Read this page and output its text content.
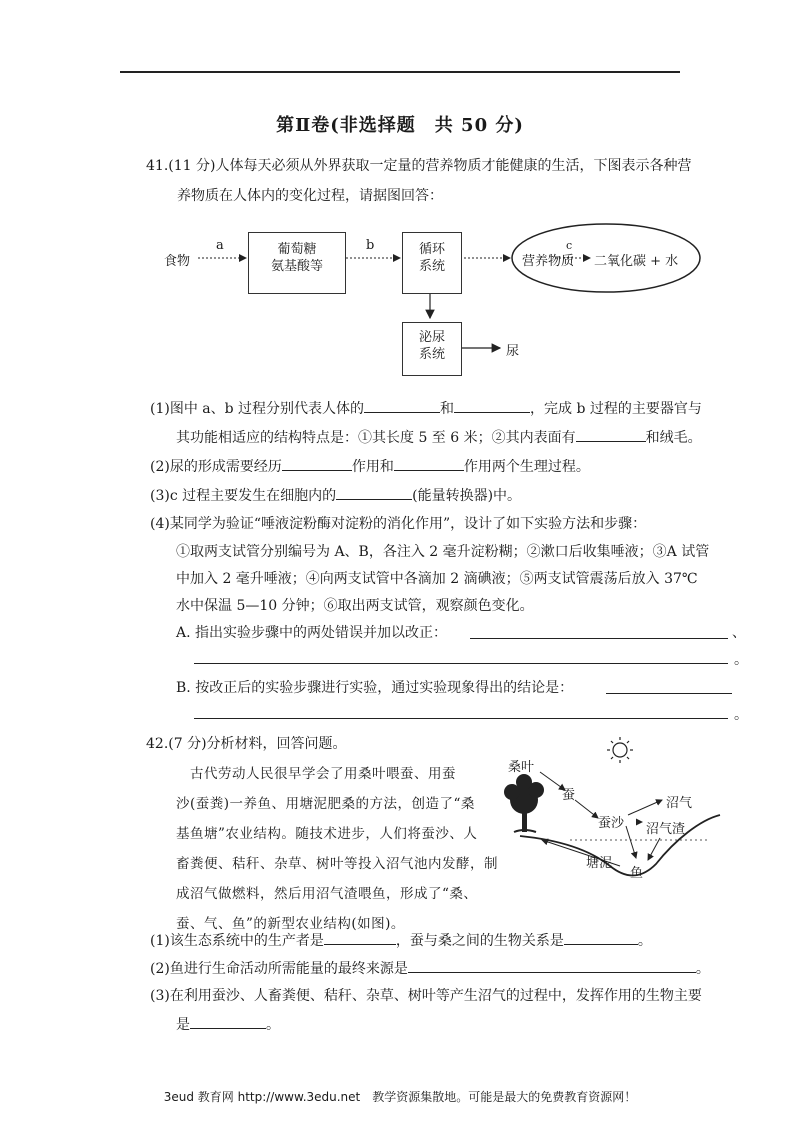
第Ⅱ卷(非选择题　共 50 分)
41.(11 分)人体每天必须从外界获取一定量的营养物质才能健康的生活，下图表示各种营
养物质在人体内的变化过程，请据图回答：
食物
a	葡萄糖
氨基酸等
b	循环
系统	营养物质
c
二氧化碳 + 水
泌尿
系统	尿
(1)图中 a、b 过程分别代表人体的	和	，完成 b 过程的主要器官与
其功能相适应的结构特点是：①其长度 5 至 6 米；②其内表面有	和绒毛。
(2)尿的形成需要经历	作用和	作用两个生理过程。
(3)c 过程主要发生在细胞内的	(能量转换器)中。
(4)某同学为验证“唾液淀粉酶对淀粉的消化作用”，设计了如下实验方法和步骤：
①取两支试管分别编号为 A、B，各注入 2 毫升淀粉糊；②漱口后收集唾液；③A 试管
中加入 2 毫升唾液；④向两支试管中各滴加 2 滴碘液；⑤两支试管震荡后放入 37℃
水中保温 5—10 分钟；⑥取出两支试管，观察颜色变化。
A. 指出实验步骤中的两处错误并加以改正：	、
。
B. 按改正后的实验步骤进行实验，通过实验现象得出的结论是：
。
42.(7 分)分析材料，回答问题。
古代劳动人民很早学会了用桑叶喂蚕、用蚕
沙(蚕粪)一养鱼、用塘泥肥桑的方法，创造了“桑
基鱼塘”农业结构。随技术进步，人们将蚕沙、人
畜粪便、秸秆、杂草、树叶等投入沼气池内发酵，制
成沼气做燃料，然后用沼气渣喂鱼，形成了“桑、
蚕、气、鱼”的新型农业结构(如图)。
桑叶
蚕
蚕沙
沼气
沼气渣
塘泥
鱼
(1)该生态系统中的生产者是	，蚕与桑之间的生物关系是	。
(2)鱼进行生命活动所需能量的最终来源是	。
(3)在利用蚕沙、人畜粪便、秸秆、杂草、树叶等产生沼气的过程中，发挥作用的生物主要
是	。
3eud 教育网 http://www.3edu.net　教学资源集散地。可能是最大的免费教育资源网！
